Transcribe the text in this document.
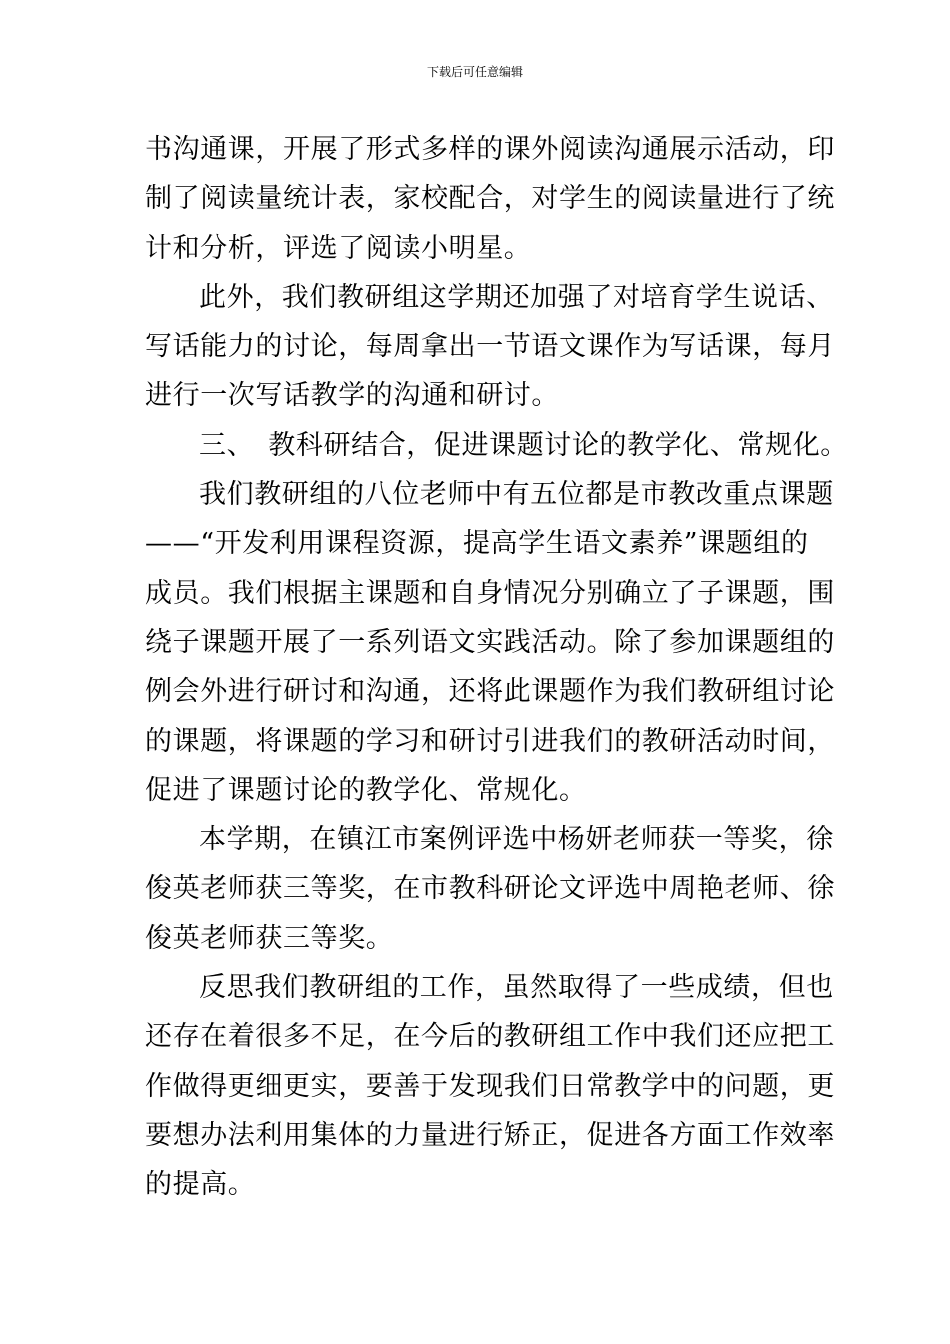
下载后可任意编辑
书沟通课，开展了形式多样的课外阅读沟通展示活动，印
制了阅读量统计表，家校配合，对学生的阅读量进行了统
计和分析，评选了阅读小明星。
此外，我们教研组这学期还加强了对培育学生说话、
写话能力的讨论，每周拿出一节语文课作为写话课，每月
进行一次写话教学的沟通和研讨。
三、　教科研结合，促进课题讨论的教学化、常规化。
我们教研组的八位老师中有五位都是市教改重点课题
——“开发利用课程资源，提高学生语文素养”课题组的
成员。我们根据主课题和自身情况分别确立了子课题，围
绕子课题开展了一系列语文实践活动。除了参加课题组的
例会外进行研讨和沟通，还将此课题作为我们教研组讨论
的课题，将课题的学习和研讨引进我们的教研活动时间，
促进了课题讨论的教学化、常规化。
本学期，在镇江市案例评选中杨妍老师获一等奖，徐
俊英老师获三等奖，在市教科研论文评选中周艳老师、徐
俊英老师获三等奖。
反思我们教研组的工作，虽然取得了一些成绩，但也
还存在着很多不足，在今后的教研组工作中我们还应把工
作做得更细更实，要善于发现我们日常教学中的问题，更
要想办法利用集体的力量进行矫正，促进各方面工作效率
的提高。
